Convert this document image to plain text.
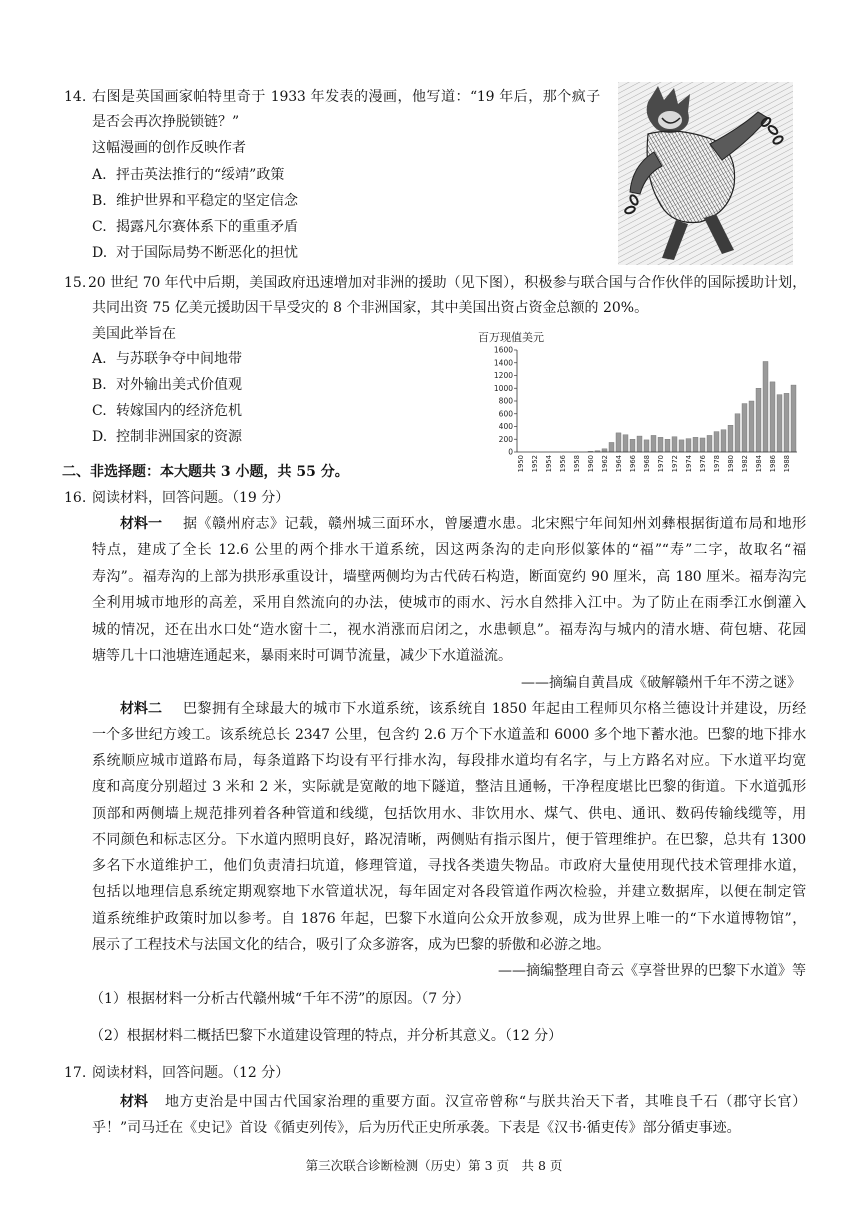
14. 右图是英国画家帕特里奇于 1933 年发表的漫画，他写道：“19 年后，那个疯子
是否会再次挣脱锁链？”
这幅漫画的创作反映作者
A. 抨击英法推行的“绥靖”政策
B. 维护世界和平稳定的坚定信念
C. 揭露凡尔赛体系下的重重矛盾
D. 对于国际局势不断恶化的担忧
15. 20 世纪 70 年代中后期，美国政府迅速增加对非洲的援助（见下图），积极参与联合国与合作伙伴的国际援助计划，
共同出资 75 亿美元援助因干旱受灾的 8 个非洲国家，其中美国出资占资金总额的 20%。
美国此举旨在
A. 与苏联争夺中间地带
B. 对外输出美式价值观
C. 转嫁国内的经济危机
D. 控制非洲国家的资源
百万现值美元
0
200
400
600
800
1000
1200
1400
1600
1950 1952 1954 1956 1958 1960 1962 1964 1966 1968 1970 1972 1974 1976 1978 1980 1982 1984 1986 1988
二、非选择题：本大题共 3 小题，共 55 分。
16. 阅读材料，回答问题。（19 分）
材料一 据《赣州府志》记载，赣州城三面环水，曾屡遭水患。北宋熙宁年间知州刘彝根据街道布局和地形
特点，建成了全长 12.6 公里的两个排水干道系统，因这两条沟的走向形似篆体的“福”“寿”二字，故取名“福
寿沟”。福寿沟的上部为拱形承重设计，墙壁两侧均为古代砖石构造，断面宽约 90 厘米，高 180 厘米。福寿沟完
全利用城市地形的高差，采用自然流向的办法，使城市的雨水、污水自然排入江中。为了防止在雨季江水倒灌入
城的情况，还在出水口处“造水窗十二，视水消涨而启闭之，水患顿息”。福寿沟与城内的清水塘、荷包塘、花园
塘等几十口池塘连通起来，暴雨来时可调节流量，减少下水道溢流。
——摘编自黄昌成《破解赣州千年不涝之谜》
材料二 巴黎拥有全球最大的城市下水道系统，该系统自 1850 年起由工程师贝尔格兰德设计并建设，历经
一个多世纪方竣工。该系统总长 2347 公里，包含约 2.6 万个下水道盖和 6000 多个地下蓄水池。巴黎的地下排水
系统顺应城市道路布局，每条道路下均设有平行排水沟，每段排水道均有名字，与上方路名对应。下水道平均宽
度和高度分别超过 3 米和 2 米，实际就是宽敞的地下隧道，整洁且通畅，干净程度堪比巴黎的街道。下水道弧形
顶部和两侧墙上规范排列着各种管道和线缆，包括饮用水、非饮用水、煤气、供电、通讯、数码传输线缆等，用
不同颜色和标志区分。下水道内照明良好，路况清晰，两侧贴有指示图片，便于管理维护。在巴黎，总共有 1300
多名下水道维护工，他们负责清扫坑道，修理管道，寻找各类遗失物品。市政府大量使用现代技术管理排水道，
包括以地理信息系统定期观察地下水管道状况，每年固定对各段管道作两次检验，并建立数据库，以便在制定管
道系统维护政策时加以参考。自 1876 年起，巴黎下水道向公众开放参观，成为世界上唯一的“下水道博物馆”，
展示了工程技术与法国文化的结合，吸引了众多游客，成为巴黎的骄傲和必游之地。
——摘编整理自奇云《享誉世界的巴黎下水道》等
（1）根据材料一分析古代赣州城“千年不涝”的原因。（7 分）
（2）根据材料二概括巴黎下水道建设管理的特点，并分析其意义。（12 分）
17. 阅读材料，回答问题。（12 分）
材料 地方吏治是中国古代国家治理的重要方面。汉宣帝曾称“与朕共治天下者，其唯良千石（郡守长官）
乎！”司马迁在《史记》首设《循吏列传》，后为历代正史所承袭。下表是《汉书·循吏传》部分循吏事迹。
第三次联合诊断检测（历史）第 3 页　共 8 页
